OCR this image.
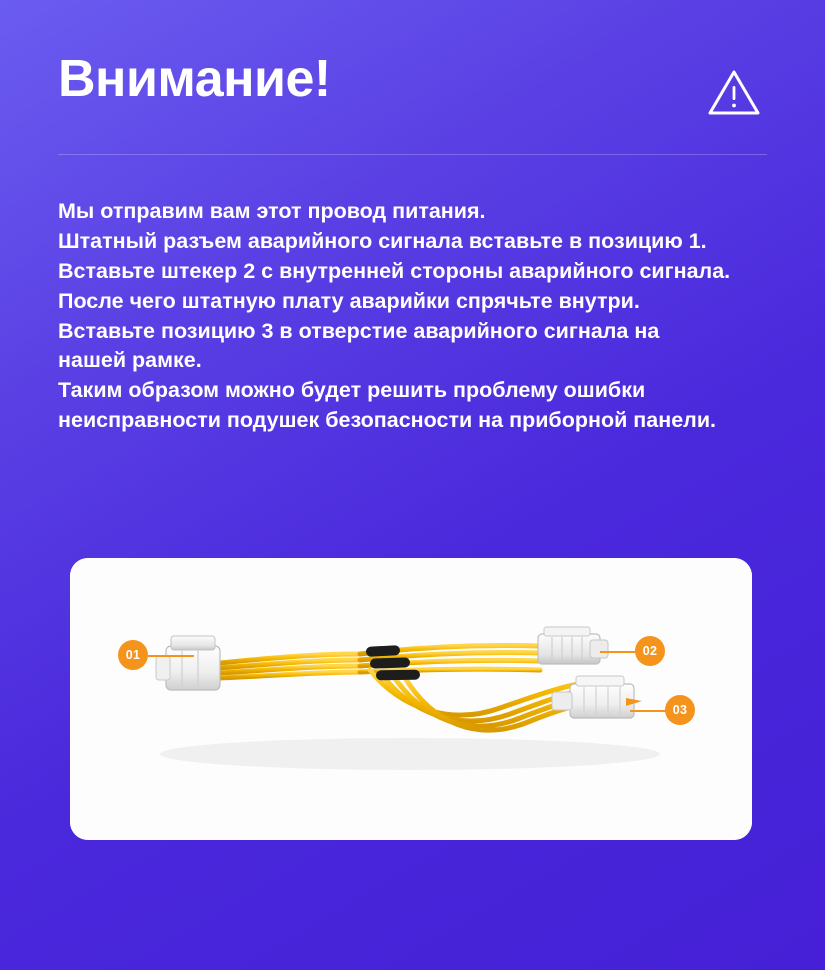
Внимание!

Мы отправим вам этот провод питания.

Штатный разъем аварийного сигнала вставьте в позицию 1.

Вставьте штекер 2 с внутренней стороны аварийного сигнала. После чего штатную плату аварийки спрячьте внутри.

Вставьте позицию 3 в отверстие аварийного сигнала на нашей рамке.

Таким образом можно будет решить проблему ошибки неисправности подушек безопасности на приборной панели.

01	02
03
